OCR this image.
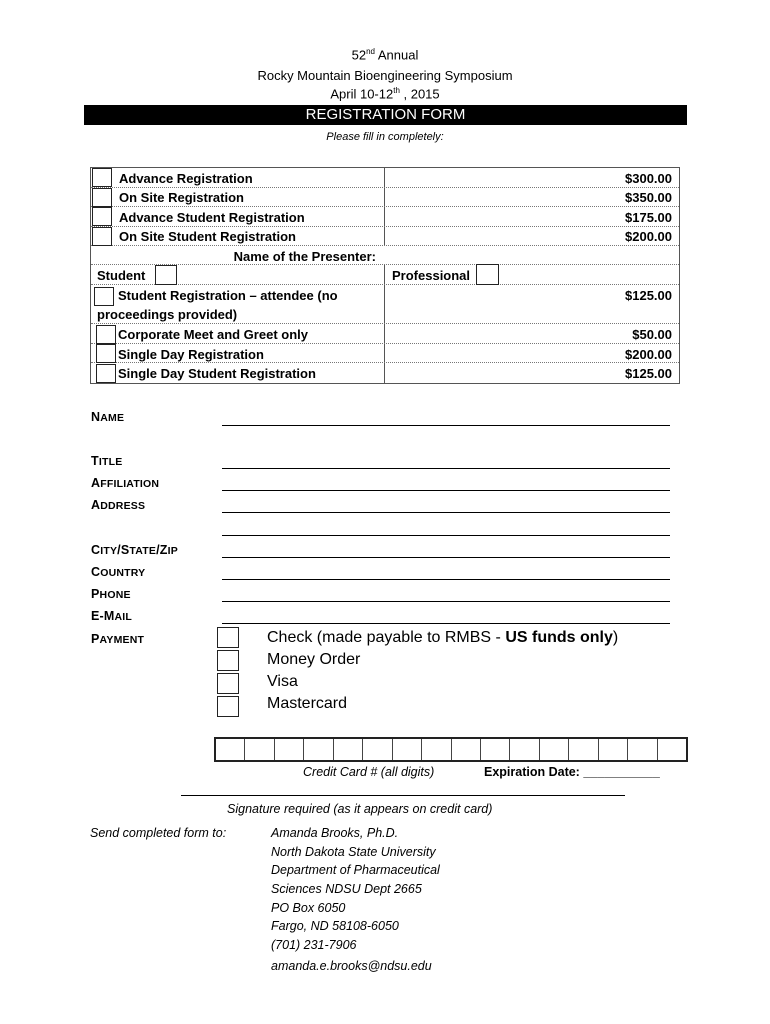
52nd Annual
Rocky Mountain Bioengineering Symposium
April 10-12th , 2015
REGISTRATION FORM
Please fill in completely:
Advance Registration	$300.00
On Site Registration	$350.00
Advance Student Registration	$175.00
On Site Student Registration	$200.00
Name of the Presenter:
Student	Professional
Student Registration – attendee (no
proceedings provided)
$125.00
Corporate Meet and Greet only	$50.00
Single Day Registration	$200.00
Single Day Student Registration	$125.00
NAME
TITLE
AFFILIATION
ADDRESS
CITY/STATE/ZIP
COUNTRY
PHONE
E-MAIL
PAYMENT	Check (made payable to RMBS - US funds only)
Money Order
Visa
Mastercard
Credit Card # (all digits)	Expiration Date: ___________
Signature required (as it appears on credit card)
Send completed form to:	Amanda Brooks, Ph.D.
North Dakota State University
Department of Pharmaceutical
Sciences NDSU Dept 2665
PO Box 6050
Fargo, ND 58108-6050
(701) 231-7906
amanda.e.brooks@ndsu.edu
